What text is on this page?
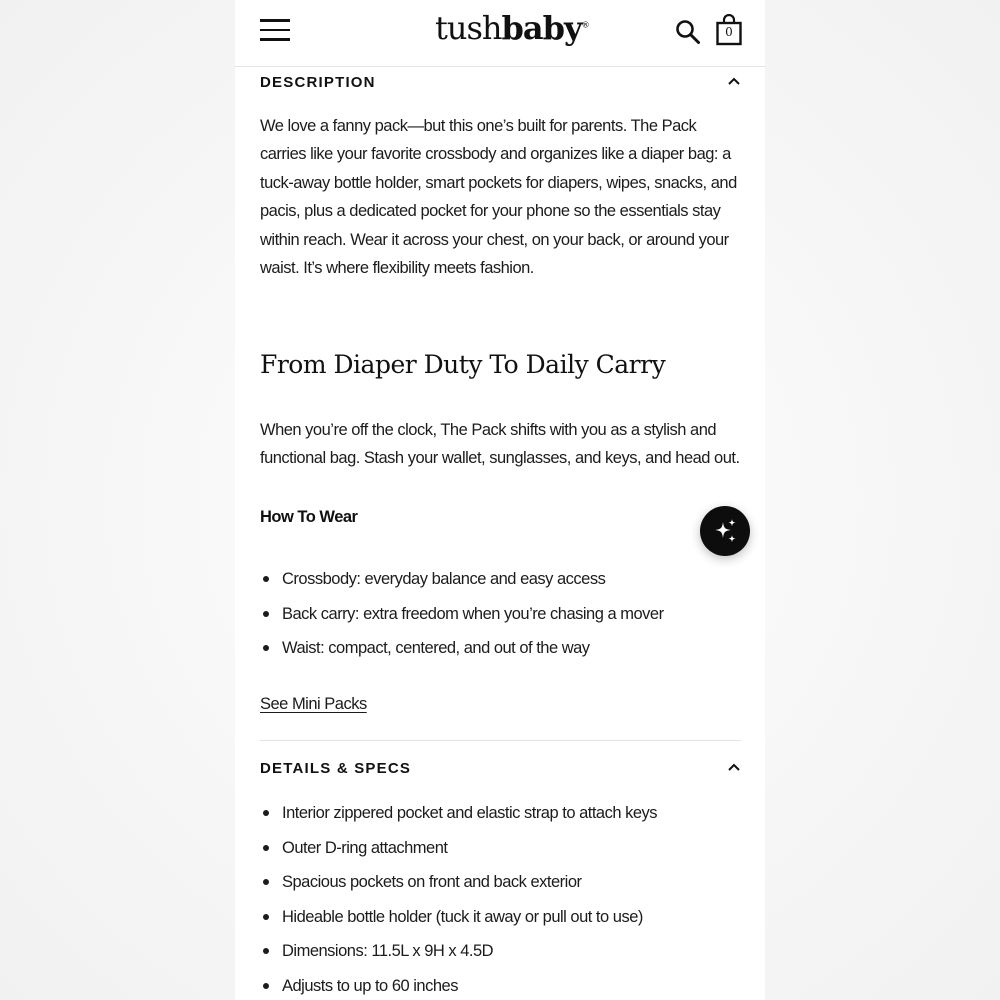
tushbaby®
0
DESCRIPTION

We love a fanny pack—but this one’s built for parents. The Pack carries like your favorite crossbody and organizes like a diaper bag: a tuck-away bottle holder, smart pockets for diapers, wipes, snacks, and pacis, plus a dedicated pocket for your phone so the essentials stay within reach. Wear it across your chest, on your back, or around your waist. It’s where flexibility meets fashion.

From Diaper Duty To Daily Carry

When you’re off the clock, The Pack shifts with you as a stylish and functional bag. Stash your wallet, sunglasses, and keys, and head out.

How To Wear
Crossbody: everyday balance and easy access
Back carry: extra freedom when you’re chasing a mover
Waist: compact, centered, and out of the way
See Mini Packs
DETAILS & SPECS
Interior zippered pocket and elastic strap to attach keys
Outer D-ring attachment
Spacious pockets on front and back exterior
Hideable bottle holder (tuck it away or pull out to use)
Dimensions: 11.5L x 9H x 4.5D
Adjusts to up to 60 inches
